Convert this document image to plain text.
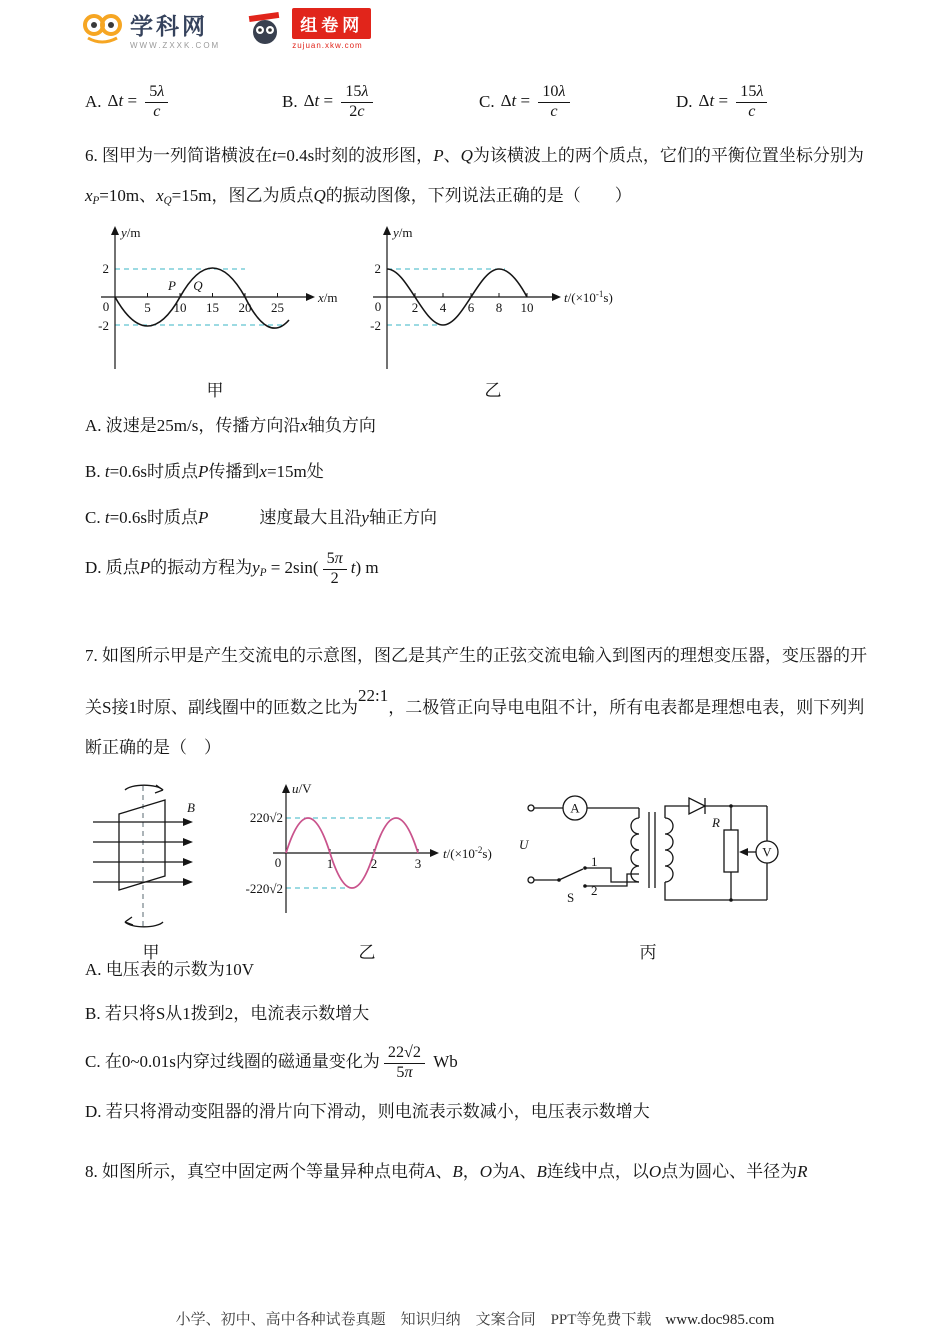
学科网
WWW.ZXXK.COM
组卷网
zujuan.xkw.com
A. $\Delta t = \frac{5\lambda}{c}$	B. $\Delta t = \frac{15\lambda}{2c}$	C. $\Delta t = \frac{10\lambda}{c}$	D. $\Delta t = \frac{15\lambda}{c}$

6. 图甲为一列简谐横波在t=0.4s时刻的波形图，P、Q为该横波上的两个质点，它们的平衡位置坐标分别为xP=10m、xQ=15m，图乙为质点Q的振动图像，下列说法正确的是（　　）

y/m
x/m
2
-2
0	5 10 15 20 25
P Q
甲
y/m
$t/(\times 10^{-1}s)$
2
-2
0 2 4 6 8 10
乙
A. 波速是25m/s，传播方向沿x轴负方向
B. t=0.6s时质点P传播到x=15m处
C. t=0.6s时质点P　　　速度最大且沿y轴正方向
D. 质点P的振动方程为yP = $2\sin( \frac{5\pi}{2} t)$ m

7. 如图所示甲是产生交流电的示意图，图乙是其产生的正弦交流电输入到图丙的理想变压器，变压器的开关S接1时原、副线圈中的匝数之比为22:1，二极管正向导电电阻不计，所有电表都是理想电表，则下列判断正确的是（　）

B
甲
u/V
220√2
-220√2
0	1	2	3
$t/(\times 10^{-2}s)$
乙
U
A
1
2
S
R
V
丙
A. 电压表的示数为10V
B. 若只将S从1拨到2，电流表示数增大
C. 在0~0.01s内穿过线圈的磁通量变化为 $\frac{22√2}{5\pi}$ Wb
D. 若只将滑动变阻器的滑片向下滑动，则电流表示数减小，电压表示数增大

8. 如图所示，真空中固定两个等量异种点电荷A、B，O为A、B连线中点，以O点为圆心、半径为R

小学、初中、高中各种试卷真题　知识归纳　文案合同　PPT等免费下载 www.doc985.com
